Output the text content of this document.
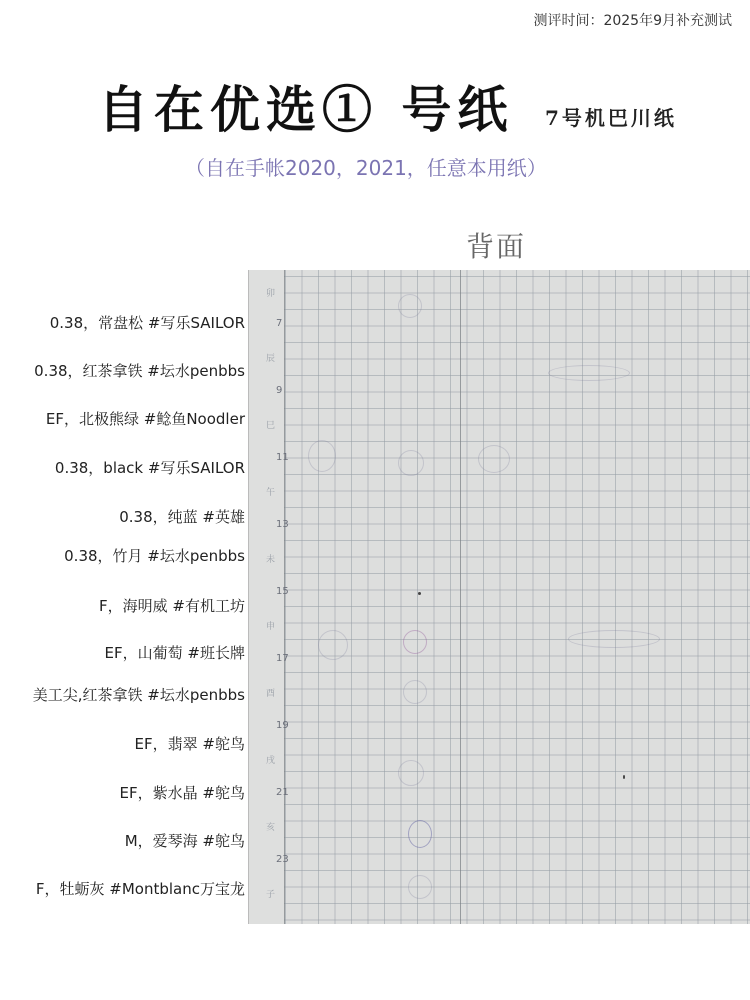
测评时间：2025年9月补充测试
自在优选① 号纸 7号机巴川纸
（自在手帐2020，2021，任意本用纸）
背面
7
9
11
13
15
17
19
21
23
卯
辰
巳
午
未
申
酉
戌
亥
子
0.38，常盘松 #写乐SAILOR
0.38，红茶拿铁 #坛水penbbs
EF，北极熊绿 #鲶鱼Noodler
0.38，black #写乐SAILOR
0.38，纯蓝 #英雄
0.38，竹月 #坛水penbbs
F，海明威 #有机工坊
EF，山葡萄 #班长牌
美工尖,红茶拿铁 #坛水penbbs
EF，翡翠 #鸵鸟
EF，紫水晶 #鸵鸟
M，爱琴海 #鸵鸟
F，牡蛎灰 #Montblanc万宝龙
